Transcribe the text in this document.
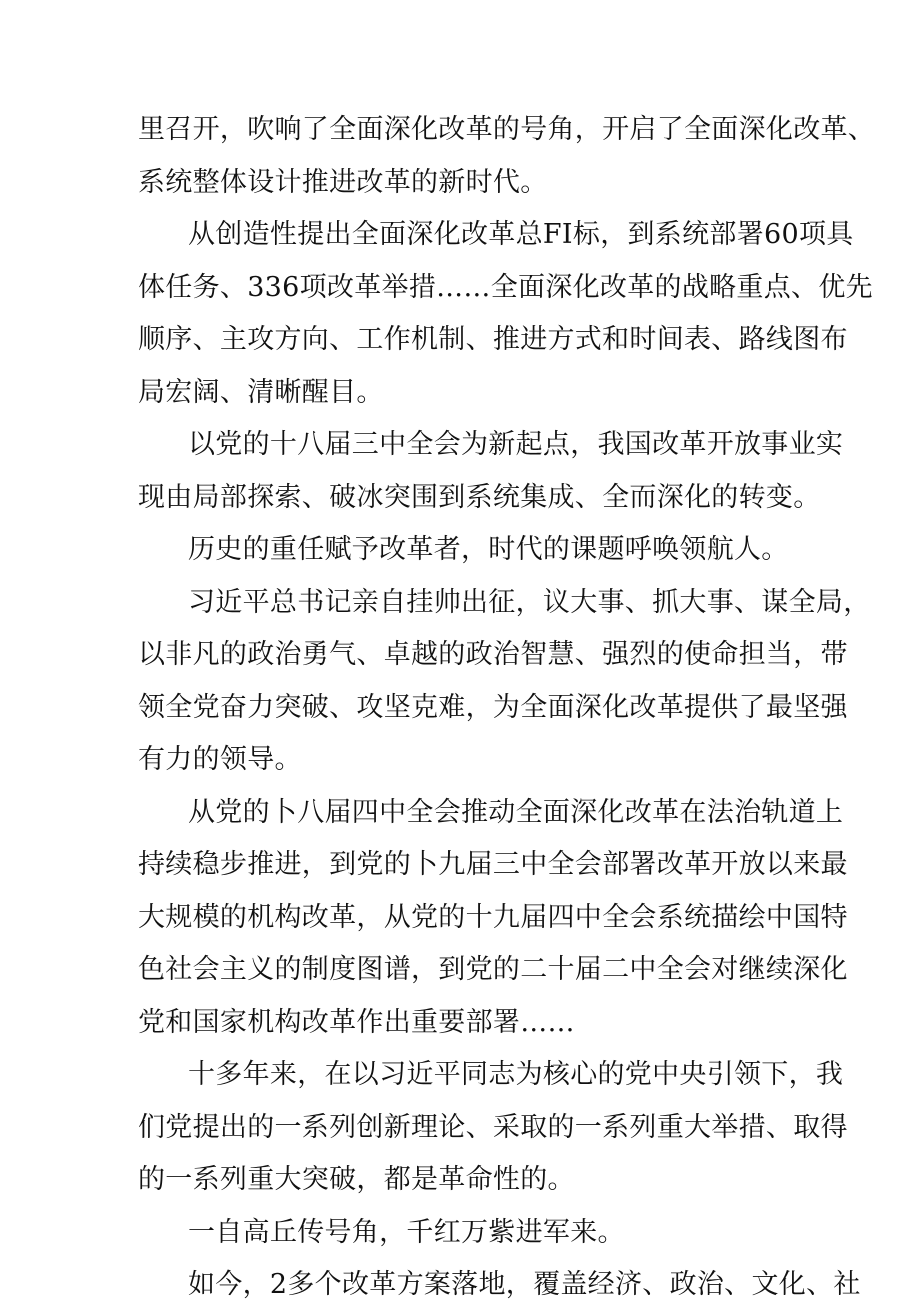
里召开，吹响了全面深化改革的号角，开启了全面深化改革、
系统整体设计推进改革的新时代。
从创造性提出全面深化改革总FI标，到系统部署60项具
体任务、336项改革举措……全面深化改革的战略重点、优先
顺序、主攻方向、工作机制、推进方式和时间表、路线图布
局宏阔、清晰醒目。
以党的十八届三中全会为新起点，我国改革开放事业实
现由局部探索、破冰突围到系统集成、全而深化的转变。
历史的重任赋予改革者，时代的课题呼唤领航人。
习近平总书记亲自挂帅出征，议大事、抓大事、谋全局，
以非凡的政治勇气、卓越的政治智慧、强烈的使命担当，带
领全党奋力突破、攻坚克难，为全面深化改革提供了最坚强
有力的领导。
从党的卜八届四中全会推动全面深化改革在法治轨道上
持续稳步推进，到党的卜九届三中全会部署改革开放以来最
大规模的机构改革，从党的十九届四中全会系统描绘中国特
色社会主义的制度图谱，到党的二十届二中全会对继续深化
党和国家机构改革作出重要部署……
十多年来，在以习近平同志为核心的党中央引领下，我
们党提出的一系列创新理论、采取的一系列重大举措、取得
的一系列重大突破，都是革命性的。
一自高丘传号角，千红万紫进军来。
如今，2多个改革方案落地，覆盖经济、政治、文化、社
